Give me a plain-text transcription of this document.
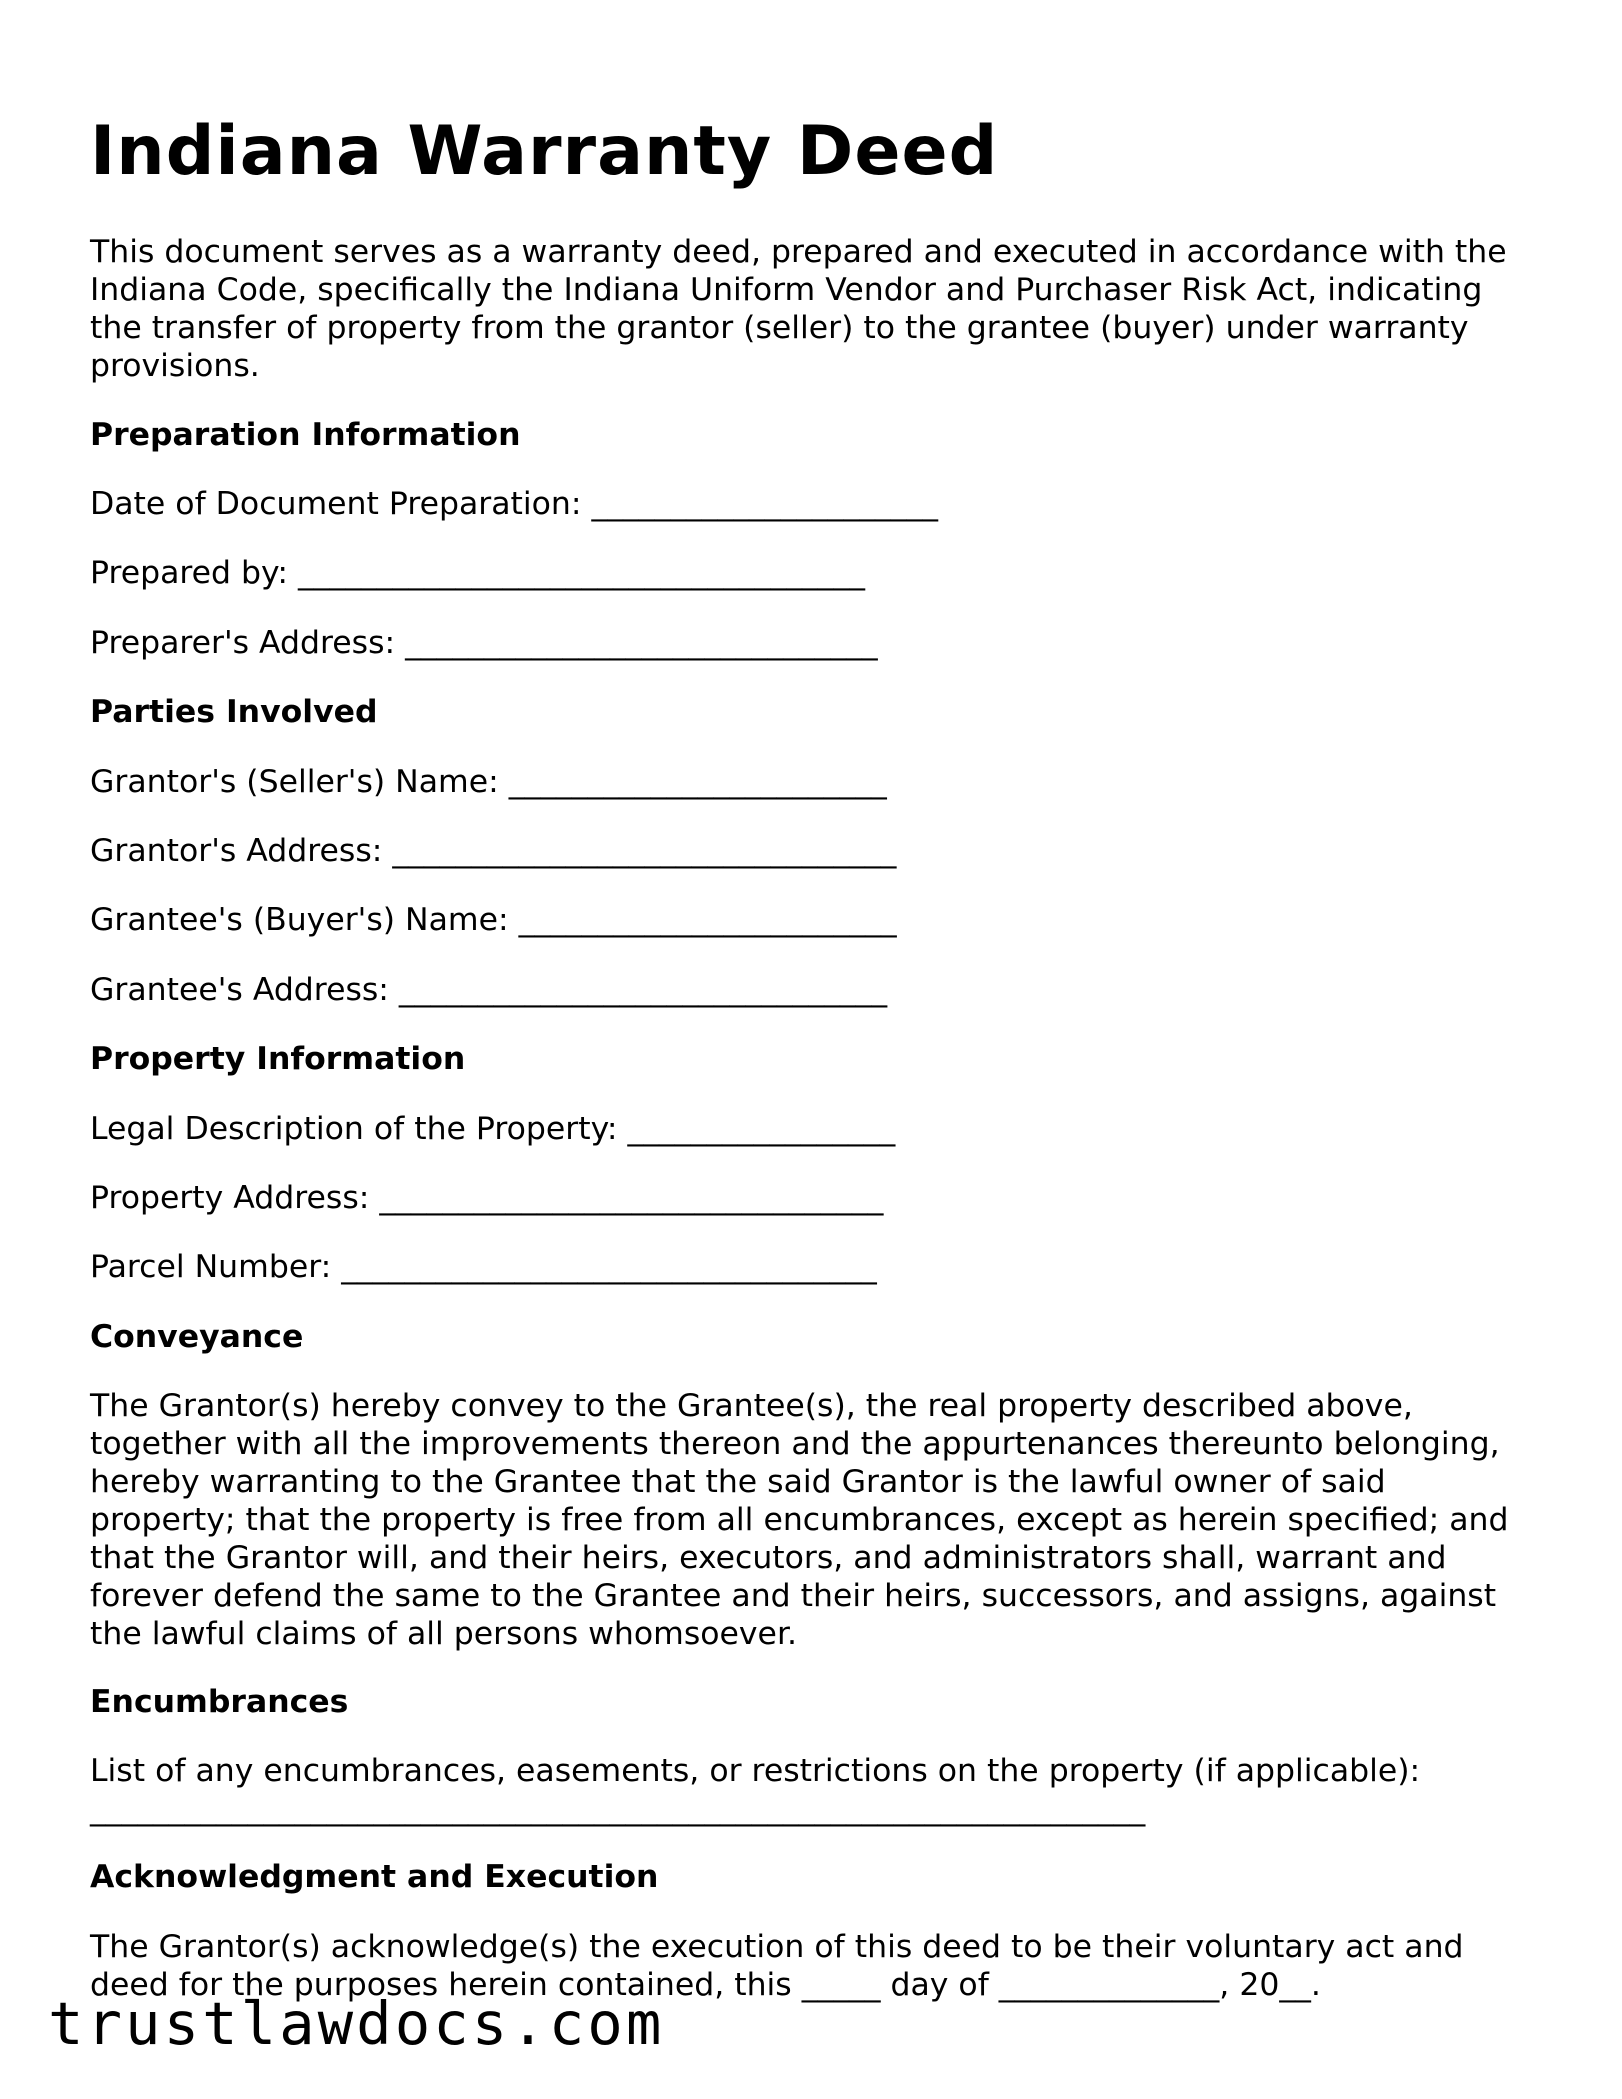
Indiana Warranty Deed

This document serves as a warranty deed, prepared and executed in accordance with the
Indiana Code, specifically the Indiana Uniform Vendor and Purchaser Risk Act, indicating
the transfer of property from the grantor (seller) to the grantee (buyer) under warranty
provisions.

Preparation Information
Date of Document Preparation: ______________________
Prepared by: ____________________________________
Preparer's Address: ______________________________
Parties Involved
Grantor's (Seller's) Name: ________________________
Grantor's Address: ________________________________
Grantee's (Buyer's) Name: ________________________
Grantee's Address: _______________________________
Property Information
Legal Description of the Property: _________________
Property Address: ________________________________
Parcel Number: __________________________________
Conveyance

The Grantor(s) hereby convey to the Grantee(s), the real property described above,
together with all the improvements thereon and the appurtenances thereunto belonging,
hereby warranting to the Grantee that the said Grantor is the lawful owner of said
property; that the property is free from all encumbrances, except as herein specified; and
that the Grantor will, and their heirs, executors, and administrators shall, warrant and
forever defend the same to the Grantee and their heirs, successors, and assigns, against
the lawful claims of all persons whomsoever.

Encumbrances

List of any encumbrances, easements, or restrictions on the property (if applicable):
___________________________________________________________________

Acknowledgment and Execution

The Grantor(s) acknowledge(s) the execution of this deed to be their voluntary act and
deed for the purposes herein contained, this _____ day of ______________, 20__.

trustlawdocs.com
